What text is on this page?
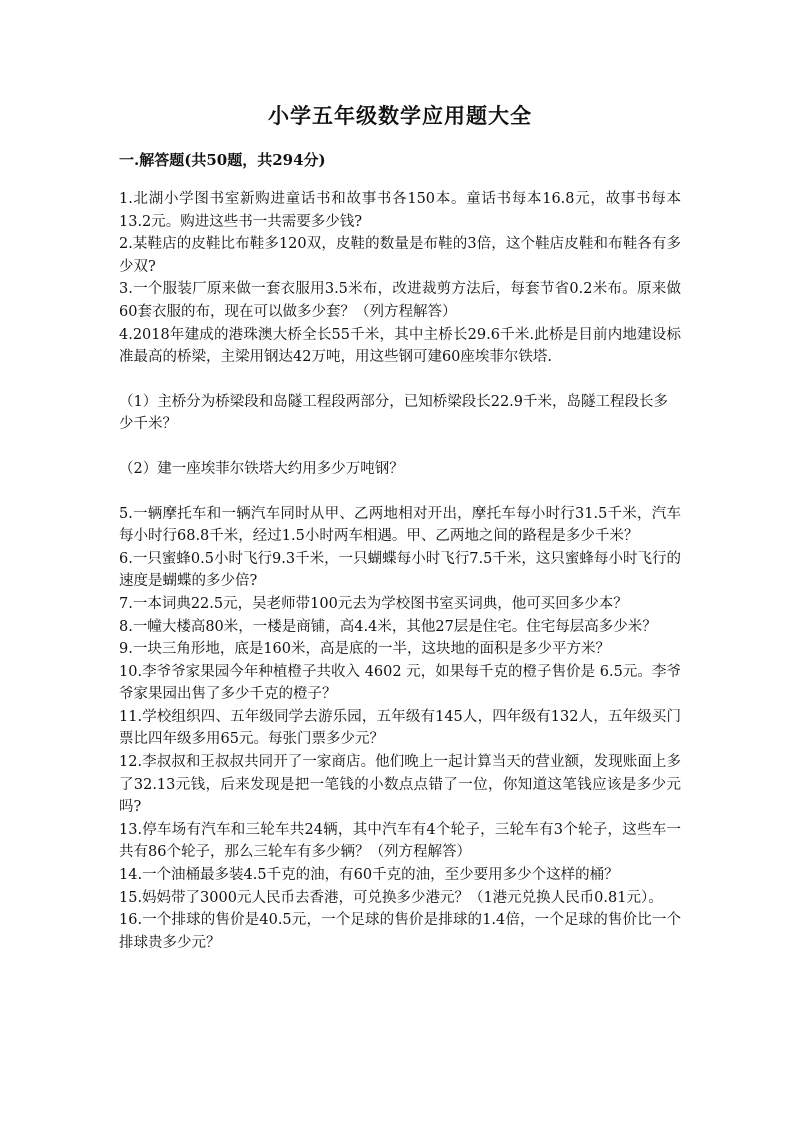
小学五年级数学应用题大全
一.解答题(共50题，共294分)

1.北湖小学图书室新购进童话书和故事书各150本。童话书每本16.8元，故事书每本13.2元。购进这些书一共需要多少钱?

2.某鞋店的皮鞋比布鞋多120双，皮鞋的数量是布鞋的3倍，这个鞋店皮鞋和布鞋各有多少双?

3.一个服装厂原来做一套衣服用3.5米布，改进裁剪方法后，每套节省0.2米布。原来做60套衣服的布，现在可以做多少套？（列方程解答）

4.2018年建成的港珠澳大桥全长55千米，其中主桥长29.6千米.此桥是目前内地建设标准最高的桥梁，主梁用钢达42万吨，用这些钢可建60座埃菲尔铁塔.

（1）主桥分为桥梁段和岛隧工程段两部分，已知桥梁段长22.9千米，岛隧工程段长多少千米？

（2）建一座埃菲尔铁塔大约用多少万吨钢？

5.一辆摩托车和一辆汽车同时从甲、乙两地相对开出，摩托车每小时行31.5千米，汽车每小时行68.8千米，经过1.5小时两车相遇。甲、乙两地之间的路程是多少千米？

6.一只蜜蜂0.5小时飞行9.3千米，一只蝴蝶每小时飞行7.5千米，这只蜜蜂每小时飞行的速度是蝴蝶的多少倍?

7.一本词典22.5元，吴老师带100元去为学校图书室买词典，他可买回多少本？

8.一幢大楼高80米，一楼是商铺，高4.4米，其他27层是住宅。住宅每层高多少米？

9.一块三角形地，底是160米，高是底的一半，这块地的面积是多少平方米？

10.李爷爷家果园今年种植橙子共收入 4602 元，如果每千克的橙子售价是 6.5元。李爷爷家果园出售了多少千克的橙子？

11.学校组织四、五年级同学去游乐园，五年级有145人，四年级有132人，五年级买门票比四年级多用65元。每张门票多少元？

12.李叔叔和王叔叔共同开了一家商店。他们晚上一起计算当天的营业额，发现账面上多了32.13元钱，后来发现是把一笔钱的小数点点错了一位，你知道这笔钱应该是多少元吗?

13.停车场有汽车和三轮车共24辆，其中汽车有4个轮子，三轮车有3个轮子，这些车一共有86个轮子，那么三轮车有多少辆？（列方程解答）

14.一个油桶最多装4.5千克的油，有60千克的油，至少要用多少个这样的桶？

15.妈妈带了3000元人民币去香港，可兑换多少港元？（1港元兑换人民币0.81元）。

16.一个排球的售价是40.5元，一个足球的售价是排球的1.4倍，一个足球的售价比一个排球贵多少元？
